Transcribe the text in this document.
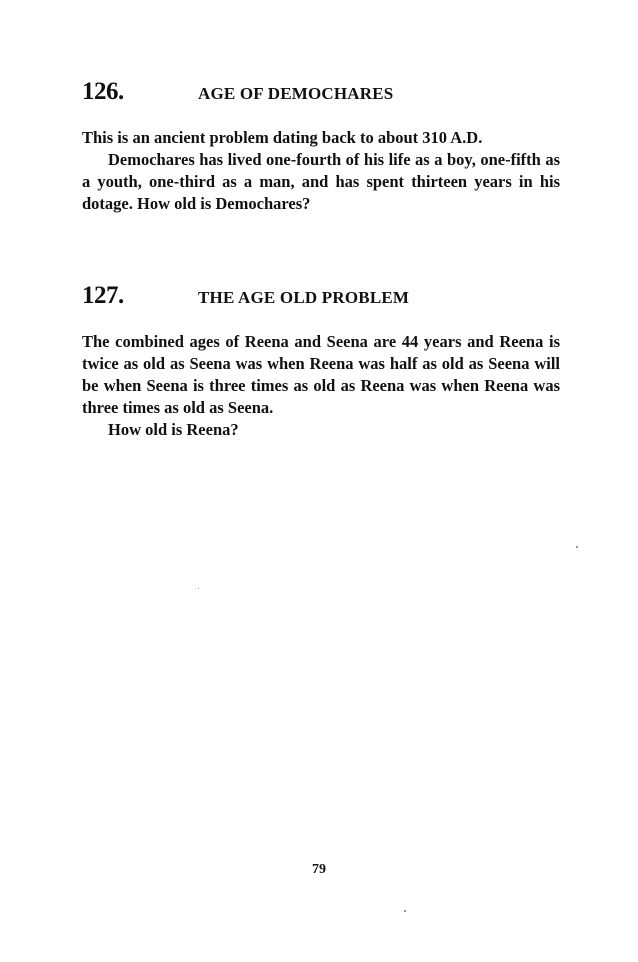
126.	AGE OF DEMOCHARES

This is an ancient problem dating back to about 310 A.D.

Demochares has lived one-fourth of his life as a boy, one-fifth as a youth, one-third as a man, and has spent thirteen years in his dotage. How old is Demochares?

127.	THE AGE OLD PROBLEM

The combined ages of Reena and Seena are 44 years and Reena is twice as old as Seena was when Reena was half as old as Seena will be when Seena is three times as old as Reena was when Reena was three times as old as Seena.

How old is Reena?

79
